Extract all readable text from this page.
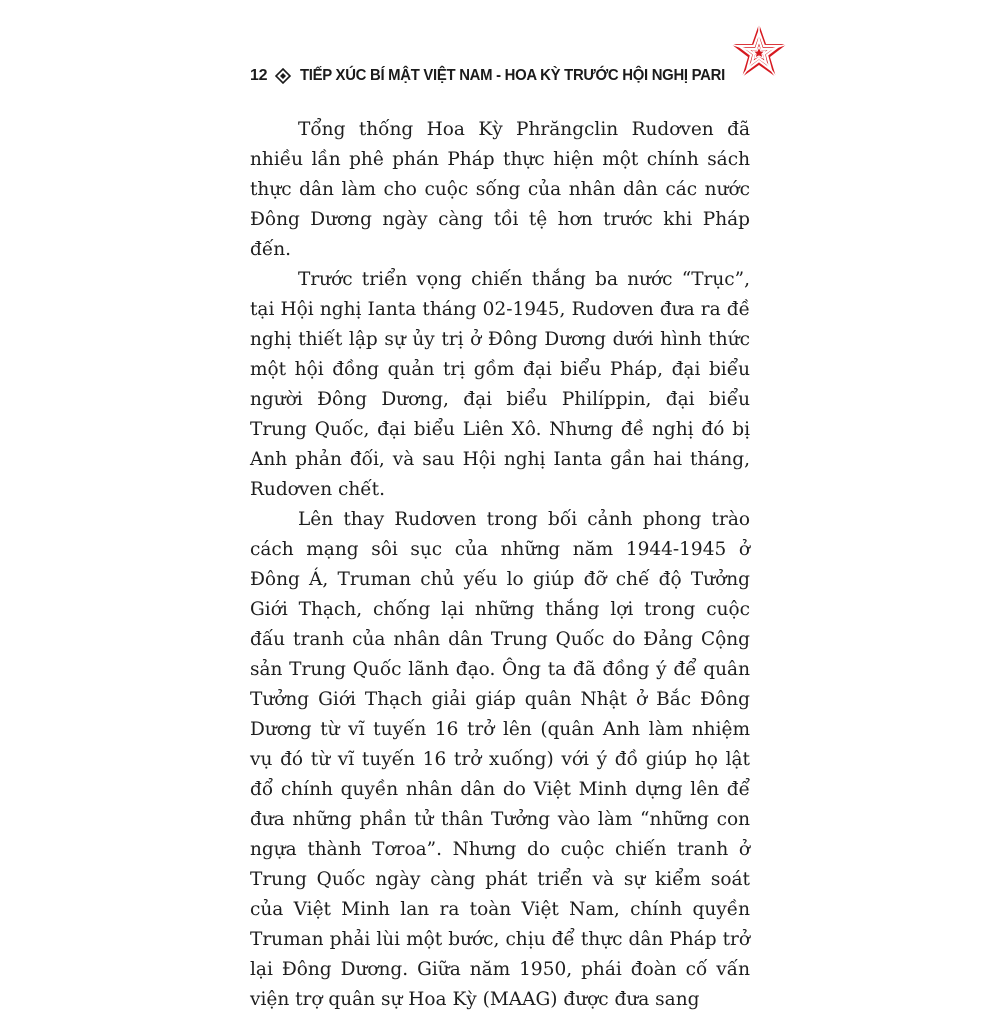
12 TIẾP XÚC BÍ MẬT VIỆT NAM - HOA KỲ TRƯỚC HỘI NGHỊ PARI

Tổng thống Hoa Kỳ Phrăngclin Rudơven đã nhiều lần phê phán Pháp thực hiện một chính sách thực dân làm cho cuộc sống của nhân dân các nước Đông Dương ngày càng tồi tệ hơn trước khi Pháp đến.

Trước triển vọng chiến thắng ba nước “Trục”, tại Hội nghị Ianta tháng 02-1945, Rudơven đưa ra đề nghị thiết lập sự ủy trị ở Đông Dương dưới hình thức một hội đồng quản trị gồm đại biểu Pháp, đại biểu người Đông Dương, đại biểu Philíppin, đại biểu Trung Quốc, đại biểu Liên Xô. Nhưng đề nghị đó bị Anh phản đối, và sau Hội nghị Ianta gần hai tháng, Rudơven chết.

Lên thay Rudơven trong bối cảnh phong trào cách mạng sôi sục của những năm 1944-1945 ở Đông Á, Truman chủ yếu lo giúp đỡ chế độ Tưởng Giới Thạch, chống lại những thắng lợi trong cuộc đấu tranh của nhân dân Trung Quốc do Đảng Cộng sản Trung Quốc lãnh đạo. Ông ta đã đồng ý để quân Tưởng Giới Thạch giải giáp quân Nhật ở Bắc Đông Dương từ vĩ tuyến 16 trở lên (quân Anh làm nhiệm vụ đó từ vĩ tuyến 16 trở xuống) với ý đồ giúp họ lật đổ chính quyền nhân dân do Việt Minh dựng lên để đưa những phần tử thân Tưởng vào làm “những con ngựa thành Tơroa”. Nhưng do cuộc chiến tranh ở Trung Quốc ngày càng phát triển và sự kiểm soát của Việt Minh lan ra toàn Việt Nam, chính quyền Truman phải lùi một bước, chịu để thực dân Pháp trở lại Đông Dương. Giữa năm 1950, phái đoàn cố vấn viện trợ quân sự Hoa Kỳ (MAAG) được đưa sang
